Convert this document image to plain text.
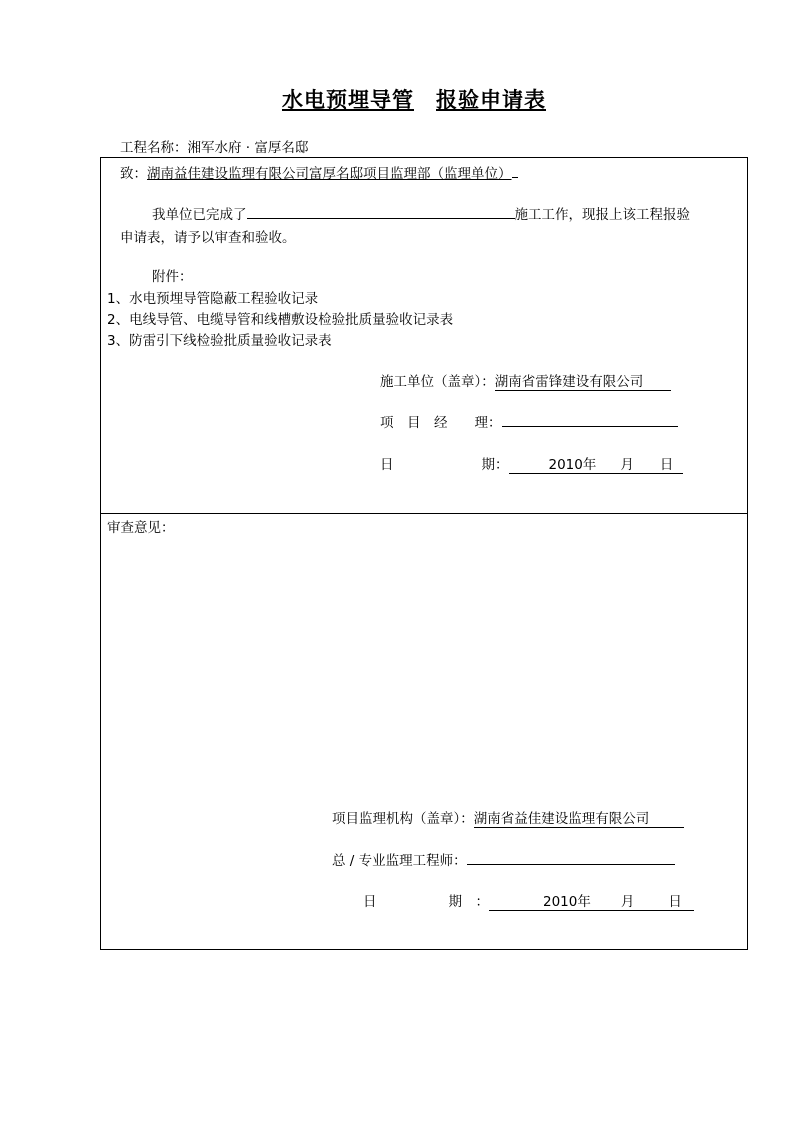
水电预埋导管 报验申请表
工程名称：湘军水府 · 富厚名邸
致：湖南益佳建设监理有限公司富厚名邸项目监理部（监理单位）
我单位已完成了	施工工作，现报上该工程报验
申请表，请予以审查和验收。
附件：
1、水电预埋导管隐蔽工程验收记录
2、电线导管、电缆导管和线槽敷设检验批质量验收记录表
3、防雷引下线检验批质量验收记录表
施工单位（盖章）：湖南省雷锋建设有限公司
项　目　经　　理：
日	期：	2010年 月 日
审查意见：
项目监理机构（盖章）：湖南省益佳建设监理有限公司
总 / 专业监理工程师：
日	期　：	2010年 月	日
